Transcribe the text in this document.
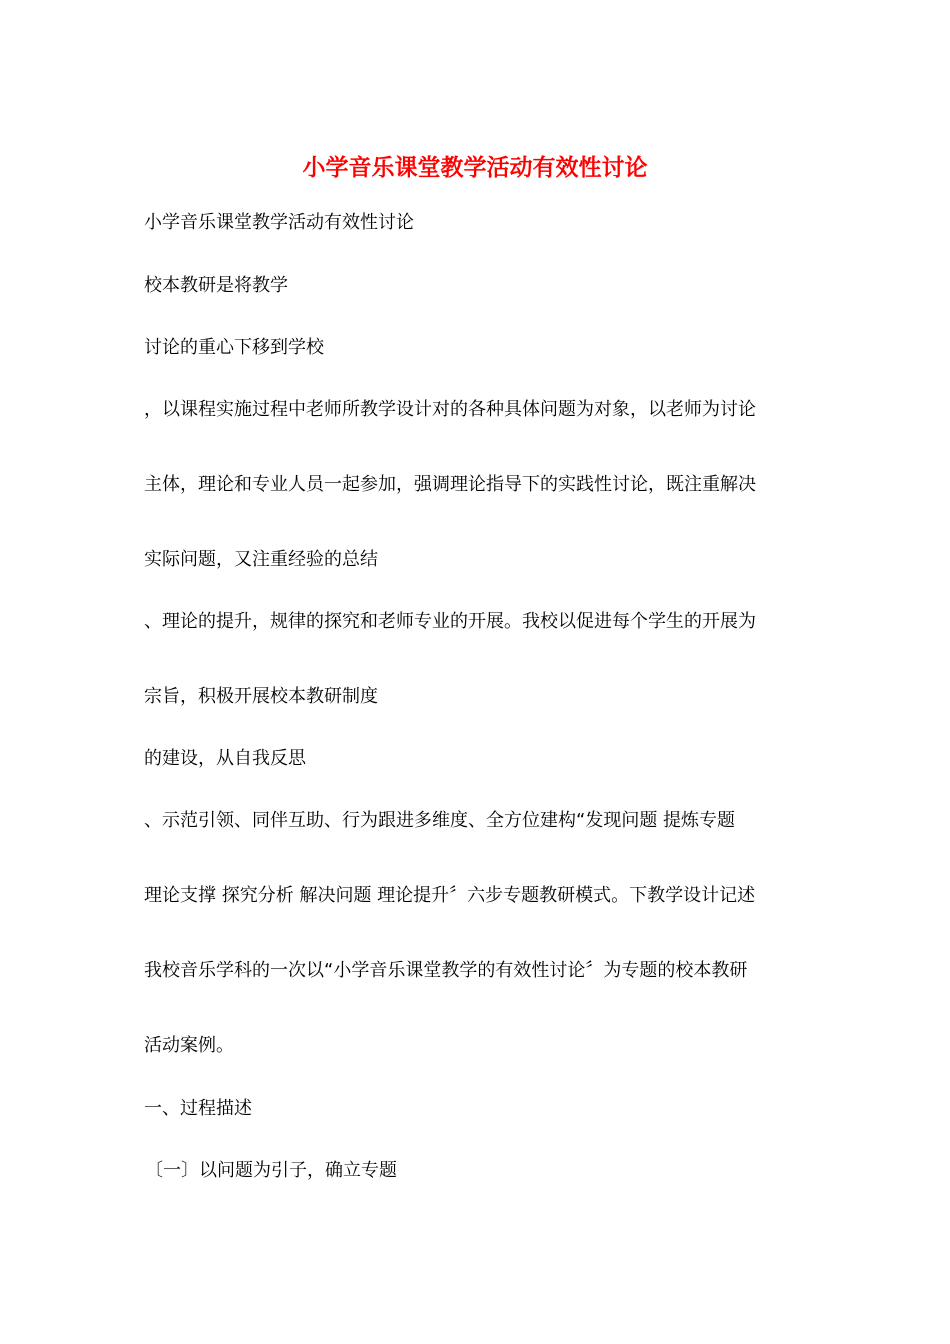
小学音乐课堂教学活动有效性讨论

小学音乐课堂教学活动有效性讨论

校本教研是将教学

讨论的重心下移到学校

，以课程实施过程中老师所教学设计对的各种具体问题为对象，以老师为讨论

主体，理论和专业人员一起参加，强调理论指导下的实践性讨论，既注重解决

实际问题，又注重经验的总结

、理论的提升，规律的探究和老师专业的开展。我校以促进每个学生的开展为

宗旨，积极开展校本教研制度

的建设，从自我反思

、示范引领、同伴互助、行为跟进多维度、全方位建构“发现问题 提炼专题

理论支撑 探究分析 解决问题 理论提升〞六步专题教研模式。下教学设计记述

我校音乐学科的一次以“小学音乐课堂教学的有效性讨论〞为专题的校本教研

活动案例。

一、过程描述

〔一〕以问题为引子，确立专题
